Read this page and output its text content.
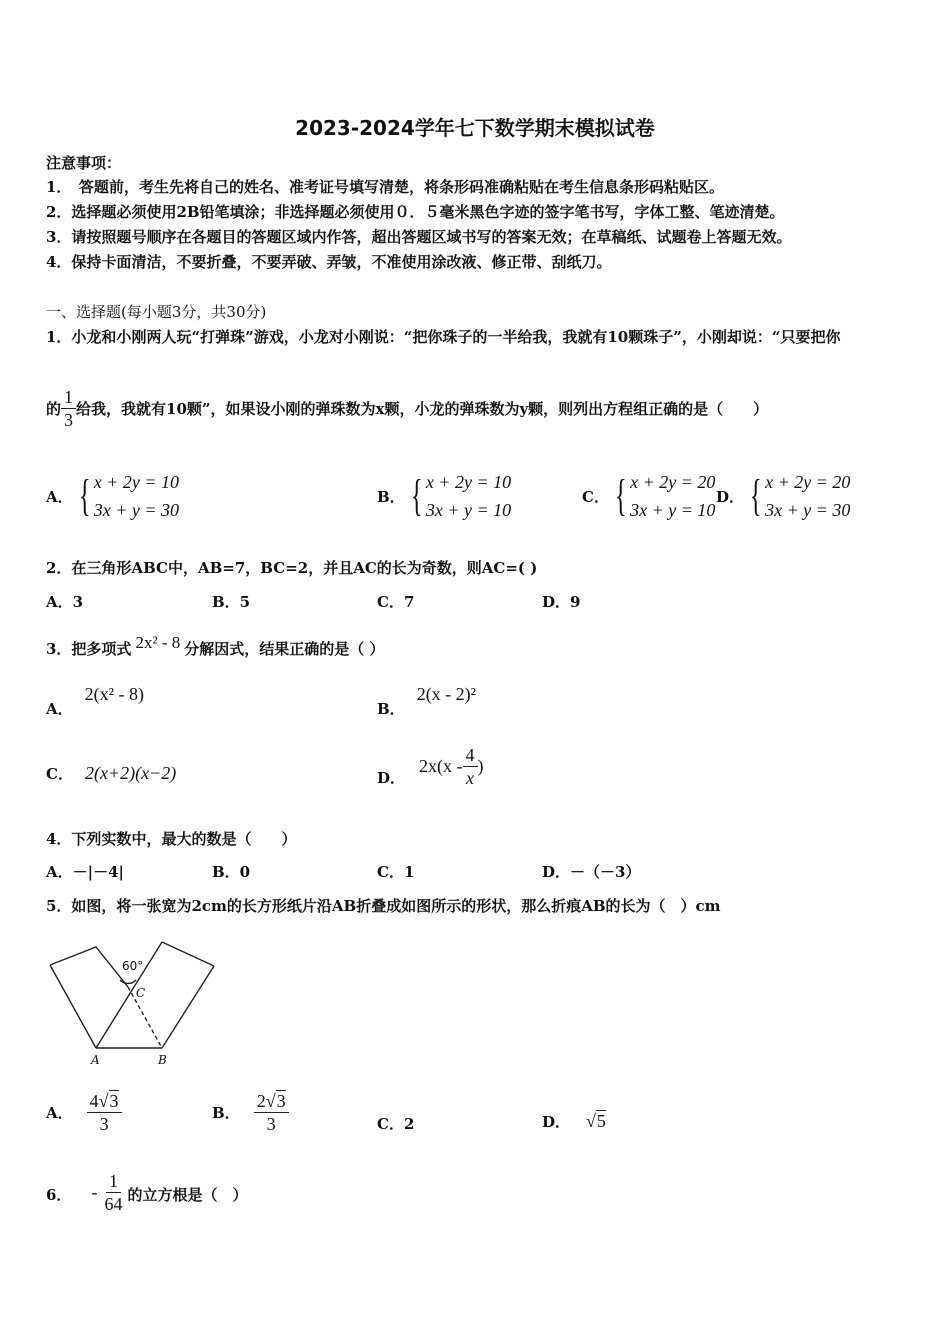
2023-2024学年七下数学期末模拟试卷
注意事项：
1．　答题前，考生先将自己的姓名、准考证号填写清楚，将条形码准确粘贴在考生信息条形码粘贴区。
2．选择题必须使用2B铅笔填涂；非选择题必须使用０．５毫米黑色字迹的签字笔书写，字体工整、笔迹清楚。
3．请按照题号顺序在各题目的答题区域内作答，超出答题区域书写的答案无效；在草稿纸、试题卷上答题无效。
4．保持卡面清洁，不要折叠，不要弄破、弄皱，不准使用涂改液、修正带、刮纸刀。
一、选择题(每小题3分，共30分)
1．小龙和小刚两人玩“打弹珠”游戏，小龙对小刚说：“把你珠子的一半给我，我就有10颗珠子”，小刚却说：“只要把你
的 $\frac{1}{3}$ 给我，我就有10颗”，如果设小刚的弹珠数为x颗，小龙的弹珠数为y颗，则列出方程组正确的是（　　）
A． { x + 2y = 10
3x + y = 30
B． { x + 2y = 10
3x + y = 10
C． { x + 2y = 20
3x + y = 10
D． { x + 2y = 20
3x + y = 30
2．在三角形ABC中，AB=7，BC=2，并且AC的长为奇数，则AC=( )
A．3	B．5	C．7	D．9
3．把多项式 2x² - 8 分解因式，结果正确的是（ ）
A．
2(x² - 8)
B．
2(x - 2)²
C． 2(x+2)(x−2)	D．
$2x(x - \frac{4}{x}$ )
4．下列实数中，最大的数是（　　）
A．－|－4|	B．0	C．1	D．－（－3）
5．如图，将一张宽为2cm的长方形纸片沿AB折叠成如图所示的形状，那么折痕AB的长为（　）cm
60°
C
A	B
A． $\frac{4√3}{3}$	B． $\frac{2√3}{3}$	C． 2	D． √5
6． - $\frac{1}{64}$ 的立方根是（　）
